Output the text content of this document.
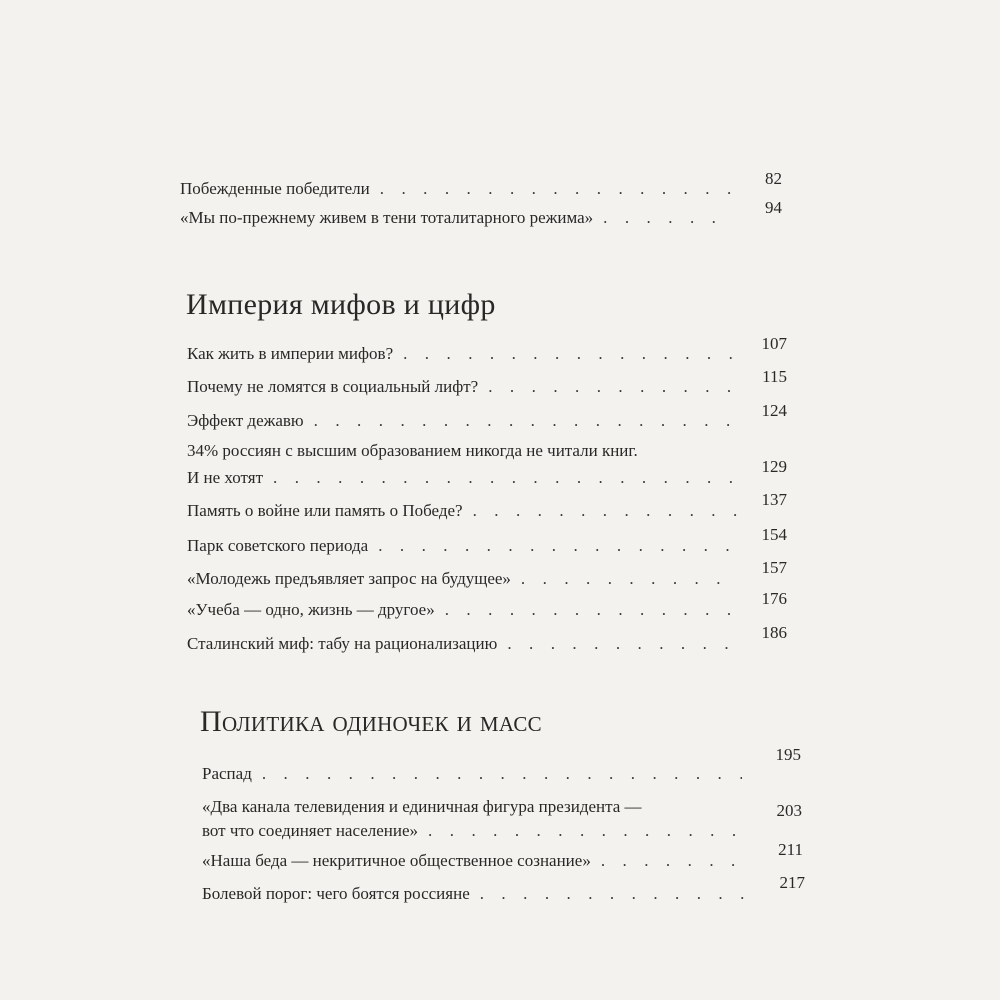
Побежденные победители
. . .
82
«Мы по-прежнему живем в тени тоталитарного режима»
. . .
94
Империя мифов и цифр
Как жить в империи мифов?
. . .
107
Почему не ломятся в социальный лифт?
. . .
115
Эффект дежавю
. . .
124
34% россиян с высшим образованием никогда не читали книг.
И не хотят
. . .
129
Память о войне или память о Победе?
. . .
137
Парк советского периода
. . .
154
«Молодежь предъявляет запрос на будущее»
. . .
157
«Учеба — одно, жизнь — другое»
. . .
176
Сталинский миф: табу на рационализацию
. . .
186
Политика одиночек и масс
Распад
. . .
195
«Два канала телевидения и единичная фигура президента —
вот что соединяет население»
. . .
203
«Наша беда — некритичное общественное сознание»
. . .
211
Болевой порог: чего боятся россияне
. . .
217
